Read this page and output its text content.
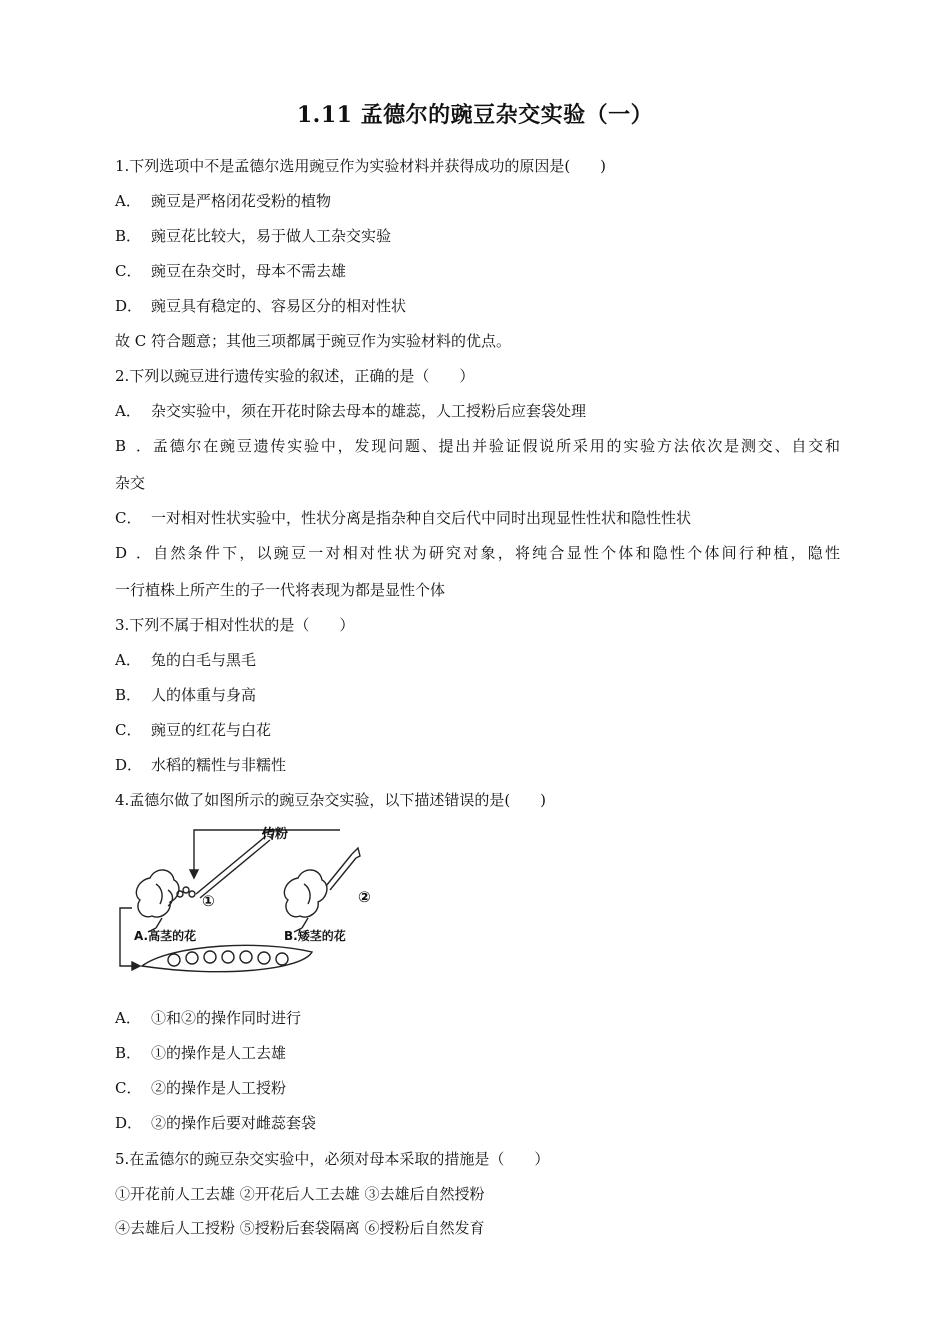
1.11 孟德尔的豌豆杂交实验（一）
1.下列选项中不是孟德尔选用豌豆作为实验材料并获得成功的原因是(　　)
A． 豌豆是严格闭花受粉的植物
B． 豌豆花比较大，易于做人工杂交实验
C． 豌豆在杂交时，母本不需去雄
D． 豌豆具有稳定的、容易区分的相对性状
故 C 符合题意；其他三项都属于豌豆作为实验材料的优点。
2.下列以豌豆进行遗传实验的叙述，正确的是（　　）
A． 杂交实验中，须在开花时除去母本的雄蕊，人工授粉后应套袋处理
B．孟德尔在豌豆遗传实验中，发现问题、提出并验证假说所采用的实验方法依次是测交、自交和
杂交
C． 一对相对性状实验中，性状分离是指杂种自交后代中同时出现显性性状和隐性性状
D．自然条件下，以豌豆一对相对性状为研究对象，将纯合显性个体和隐性个体间行种植，隐性
一行植株上所产生的子一代将表现为都是显性个体
3.下列不属于相对性状的是（　　）
A． 兔的白毛与黑毛
B． 人的体重与身高
C． 豌豆的红花与白花
D． 水稻的糯性与非糯性
4.孟德尔做了如图所示的豌豆杂交实验，以下描述错误的是(　　)
传粉
①	②
A.高茎的花	B.矮茎的花
A． ①和②的操作同时进行
B． ①的操作是人工去雄
C． ②的操作是人工授粉
D． ②的操作后要对雌蕊套袋
5.在孟德尔的豌豆杂交实验中，必须对母本采取的措施是（　　）
①开花前人工去雄 ②开花后人工去雄 ③去雄后自然授粉
④去雄后人工授粉 ⑤授粉后套袋隔离 ⑥授粉后自然发育
